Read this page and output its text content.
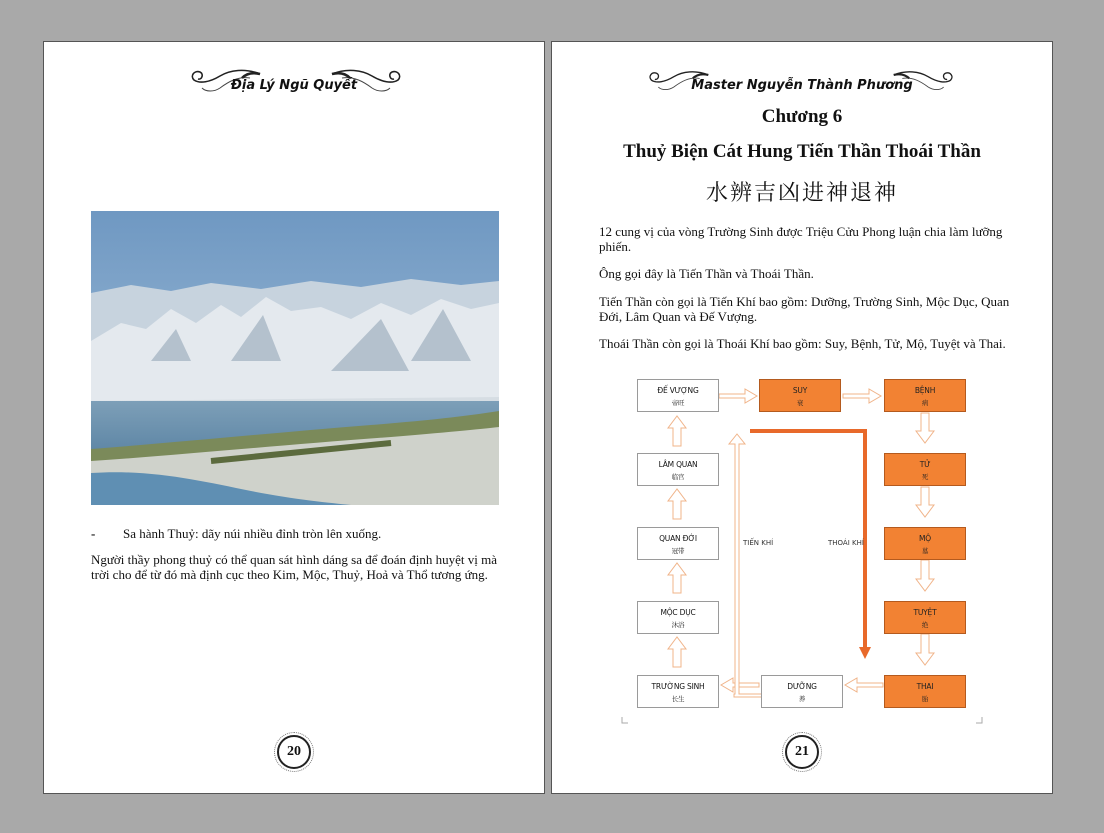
Địa Lý Ngũ Quyết
- Sa hành Thuỷ: dãy núi nhiều đỉnh tròn lên xuống.
Người thầy phong thuỷ có thể quan sát hình dáng sa để đoán định huyệt vị mà trời cho để từ đó mà định cục theo Kim, Mộc, Thuỷ, Hoả và Thổ tương ứng.
20
Master Nguyễn Thành Phương
Chương 6
Thuỷ Biện Cát Hung Tiến Thần Thoái Thần
水辨吉凶进神退神
12 cung vị của vòng Trường Sinh được Triệu Cửu Phong luận chia làm lưỡng phiến.
Ông gọi đây là Tiến Thần và Thoái Thần.
Tiến Thần còn gọi là Tiến Khí bao gồm: Dưỡng, Trường Sinh, Mộc Dục, Quan Đới, Lâm Quan và Đế Vượng.
Thoái Thần còn gọi là Thoái Khí bao gồm: Suy, Bệnh, Tử, Mộ, Tuyệt và Thai.
ĐẾ VƯỢNG
帝旺
SUY
衰
BỆNH
病
LÂM QUAN
临官
TỬ
死
QUAN ĐỚI
冠带
MỘ
墓
MỘC DỤC
沐浴
TUYỆT
绝
TRƯỜNG SINH
长生
DƯỠNG
养
THAI
胎
TIẾN KHÍ	THOÁI KHÍ
21
